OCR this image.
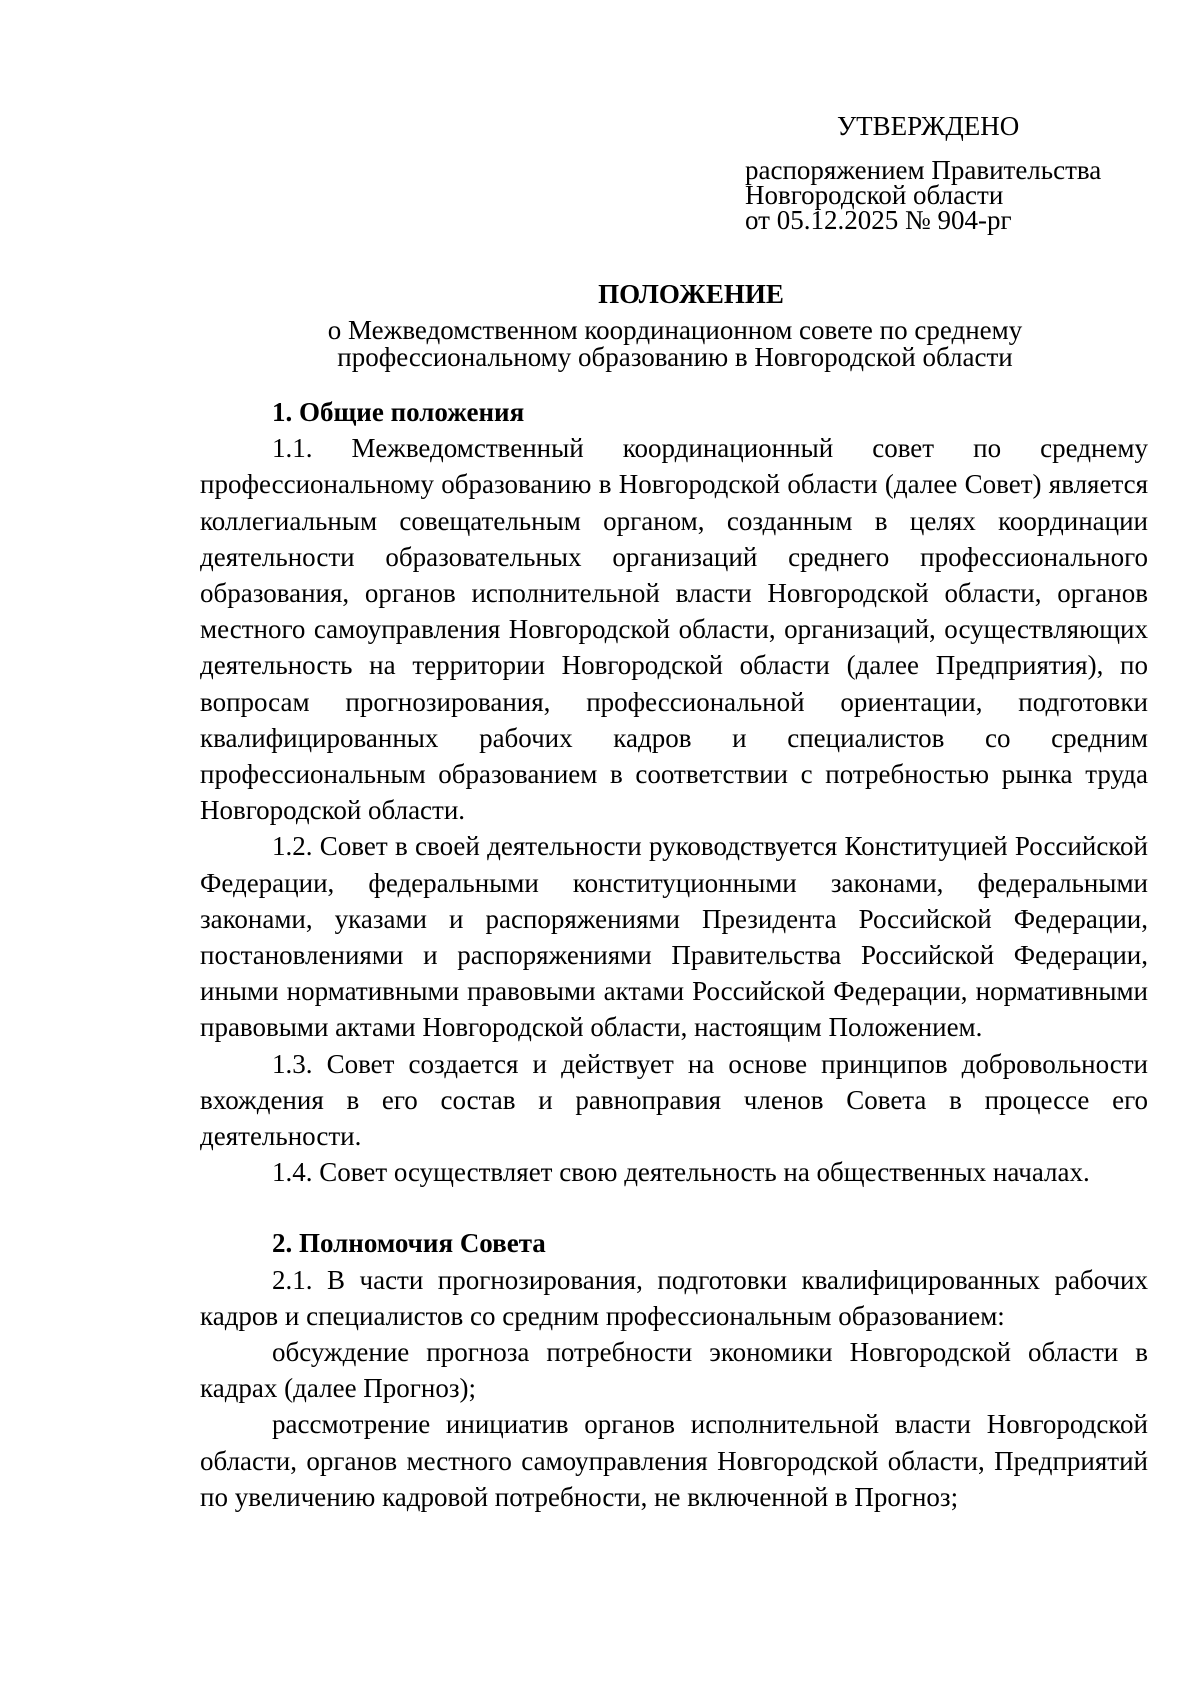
УТВЕРЖДЕНО
распоряжением Правительства
Новгородской области
от 05.12.2025 № 904-рг
ПОЛОЖЕНИЕ
о Межведомственном координационном совете по среднему
профессиональному образованию в Новгородской области
1. Общие положения

1.1. Межведомственный координационный совет по среднему профессиональному образованию в Новгородской области (далее Совет) является коллегиальным совещательным органом, созданным в целях координации деятельности образовательных организаций среднего профессионального образования, органов исполнительной власти Новгородской области, органов местного самоуправления Новгородской области, организаций, осуществляющих деятельность на территории Новгородской области (далее Предприятия), по вопросам прогнозирования, профессиональной ориентации, подготовки квалифицированных рабочих кадров и специалистов со средним профессиональным образованием в соответствии с потребностью рынка труда Новгородской области.

1.2. Совет в своей деятельности руководствуется Конституцией Российской Федерации, федеральными конституционными законами, федеральными законами, указами и распоряжениями Президента Российской Федерации, постановлениями и распоряжениями Правительства Российской Федерации, иными нормативными правовыми актами Российской Федерации, нормативными правовыми актами Новгородской области, настоящим Положением.

1.3. Совет создается и действует на основе принципов добровольности вхождения в его состав и равноправия членов Совета в процессе его деятельности.

1.4. Совет осуществляет свою деятельность на общественных началах.

2. Полномочия Совета

2.1. В части прогнозирования, подготовки квалифицированных рабочих кадров и специалистов со средним профессиональным образованием:

обсуждение прогноза потребности экономики Новгородской области в кадрах (далее Прогноз);

рассмотрение инициатив органов исполнительной власти Новгородской области, органов местного самоуправления Новгородской области, Предприятий по увеличению кадровой потребности, не включенной в Прогноз;
